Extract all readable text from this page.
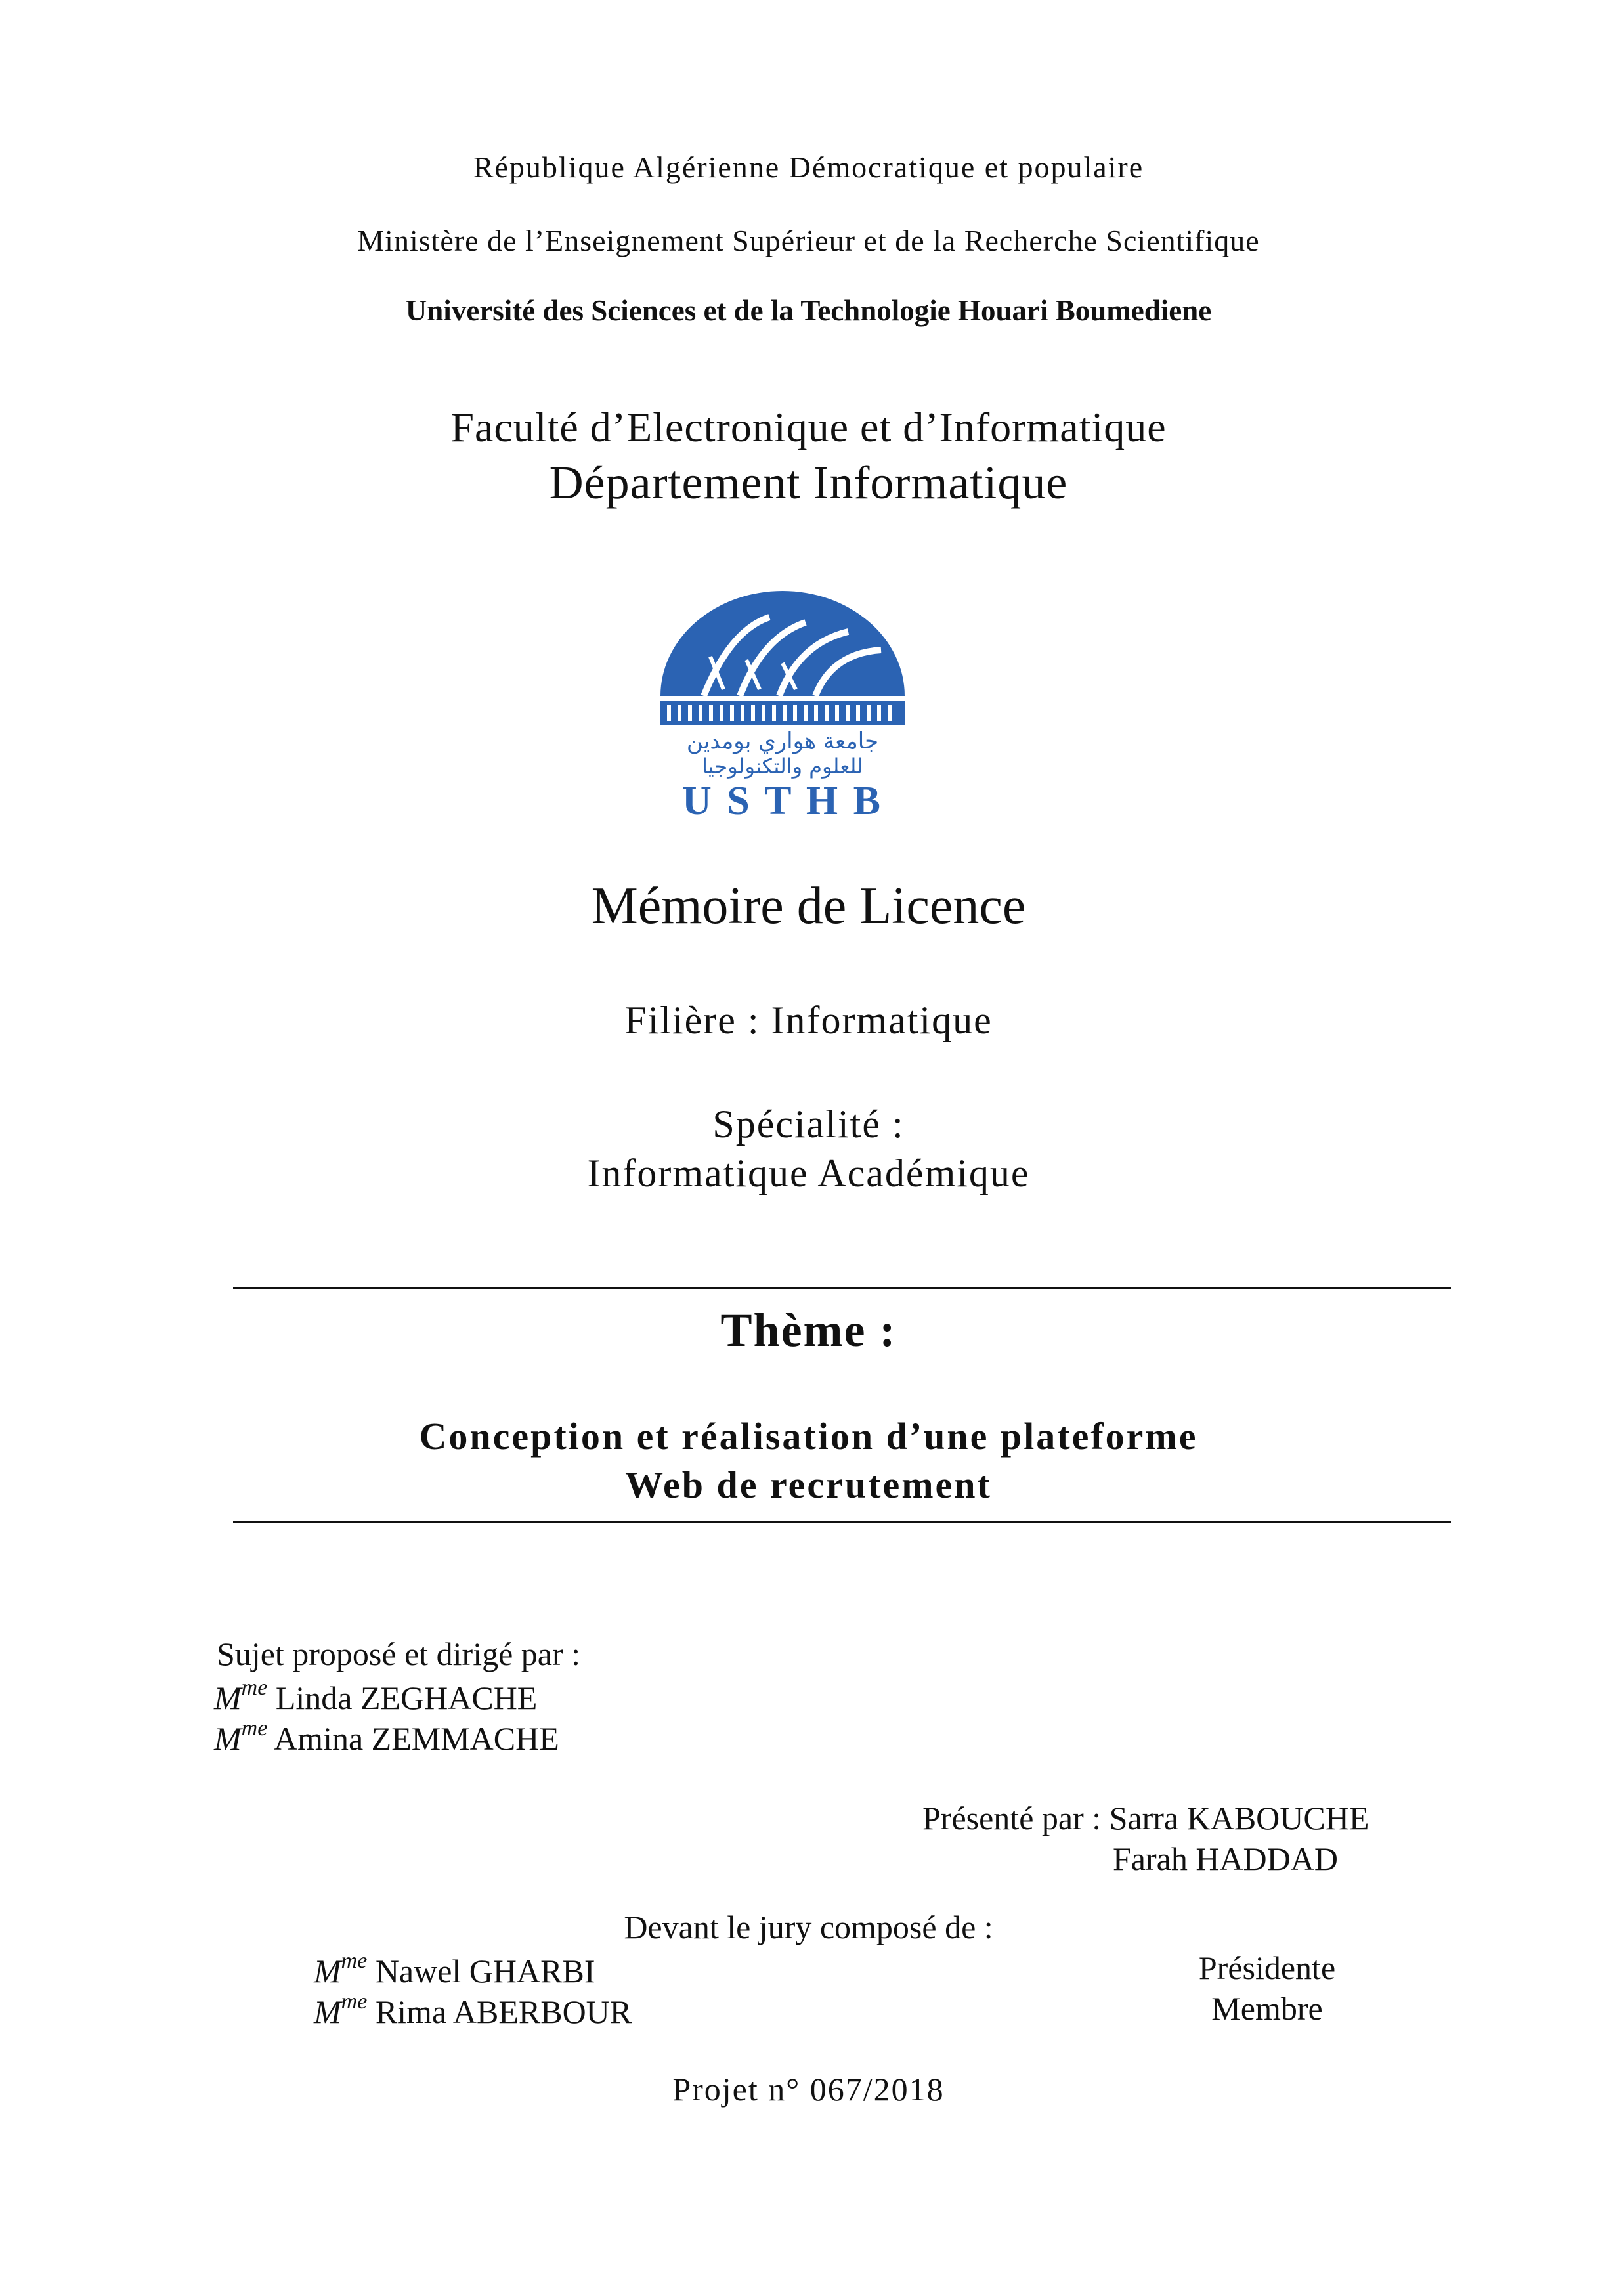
République Algérienne Démocratique et populaire
Ministère de l’Enseignement Supérieur et de la Recherche Scientifique
Université des Sciences et de la Technologie Houari Boumediene
Faculté d’Electronique et d’Informatique
Département Informatique
جامعة هواري بومدين
للعلوم والتكنولوجيا
U S T H B
Mémoire de Licence
Filière : Informatique
Spécialité :
Informatique Académique
Thème :
Conception et réalisation d’une plateforme
Web de recrutement
Sujet proposé et dirigé par :
$M^{me}$ Linda ZEGHACHE
$M^{me}$ Amina ZEMMACHE
Présenté par : Sarra KABOUCHE
Farah HADDAD
Devant le jury composé de :
$M^{me}$ Nawel GHARBI
$M^{me}$ Rima ABERBOUR
Présidente
Membre
Projet n° 067/2018
